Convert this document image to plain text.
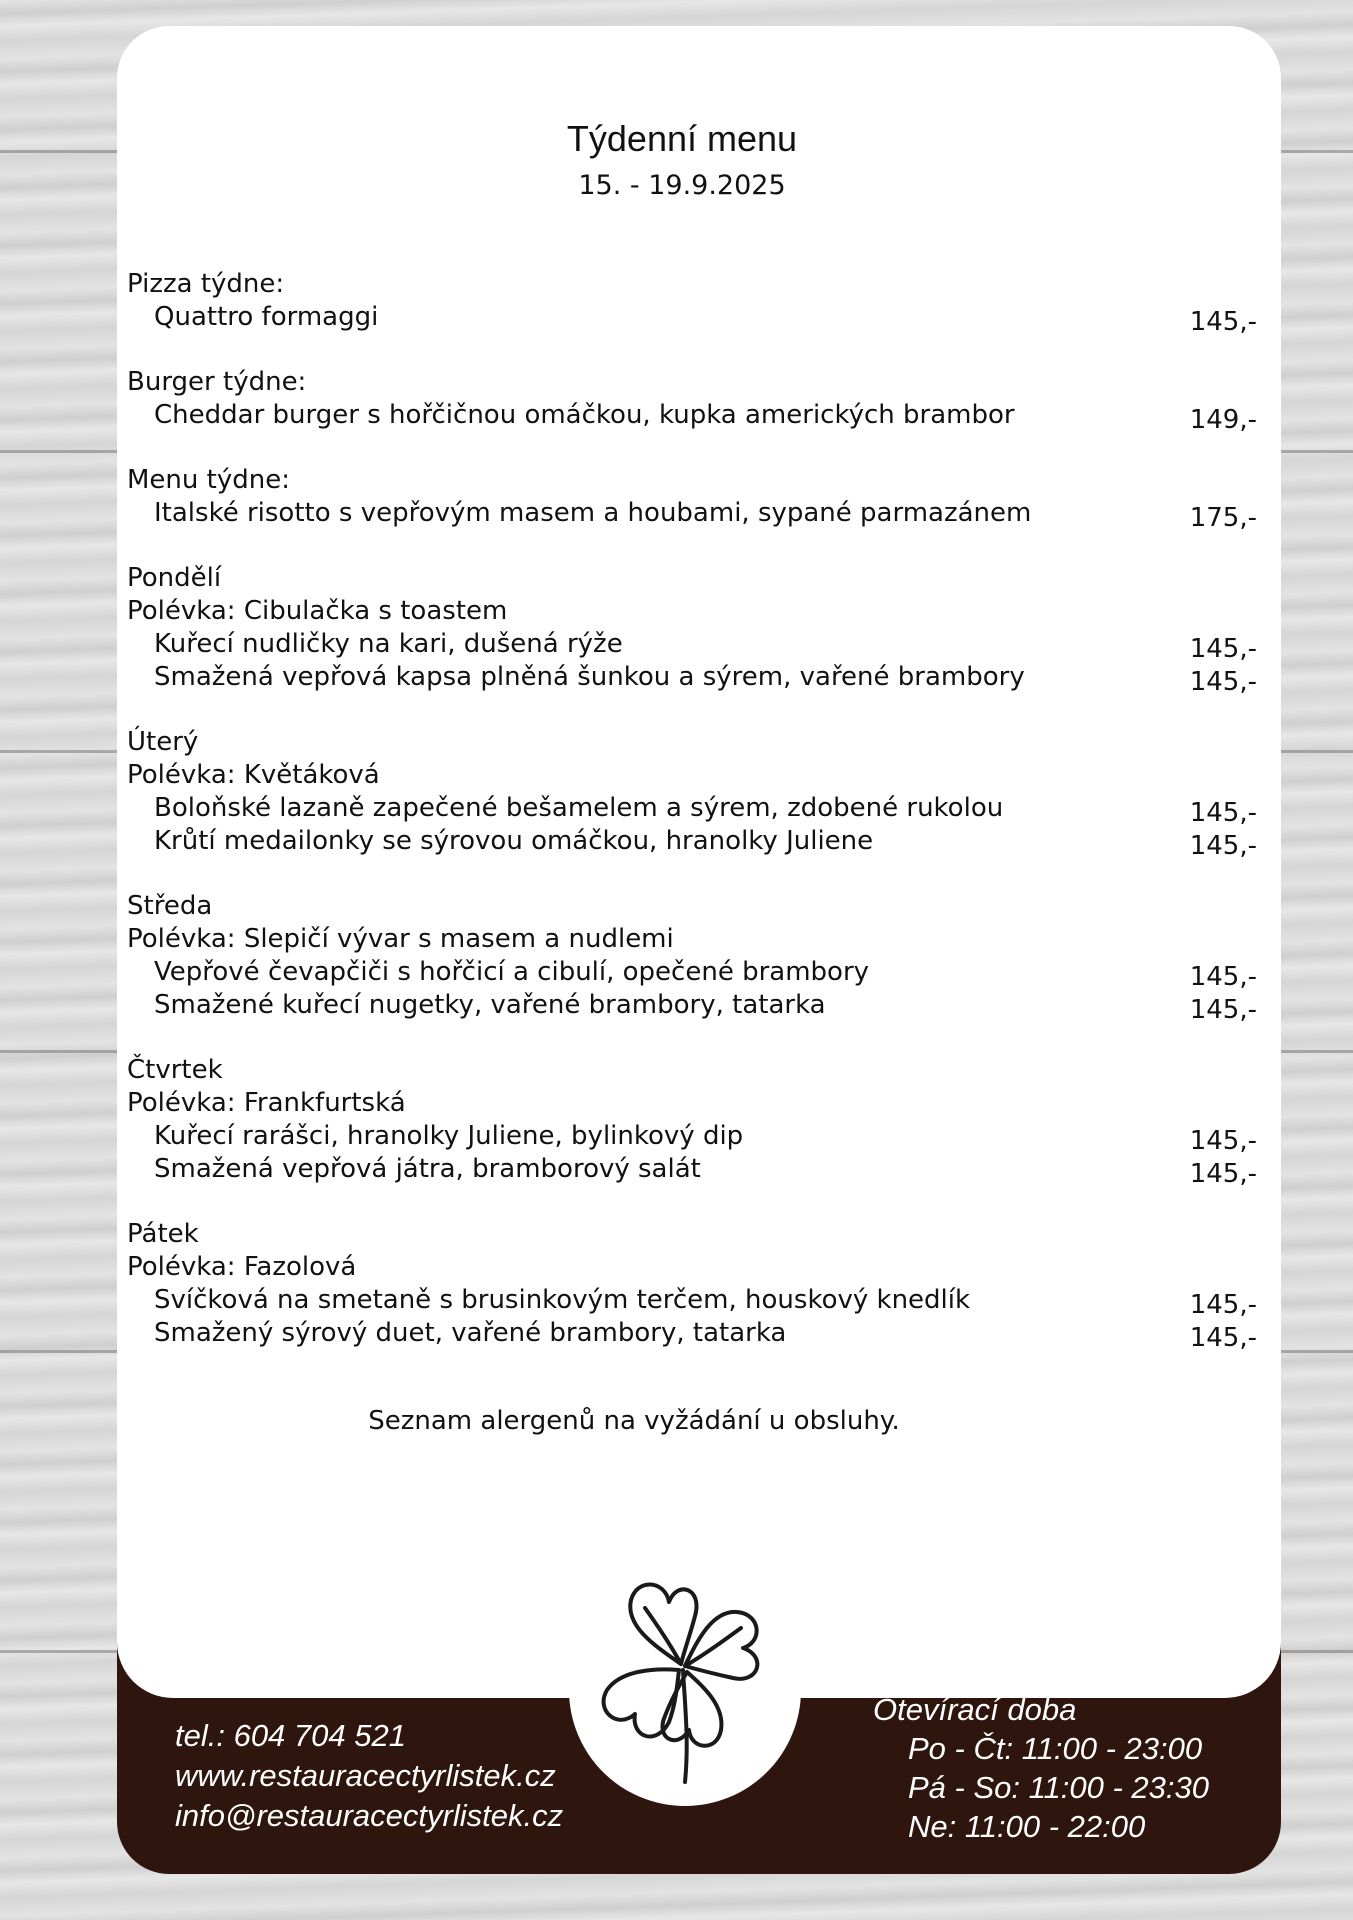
Týdenní menu
15. - 19.9.2025
Pizza týdne:
Quattro formaggi	145,-
Burger týdne:
Cheddar burger s hořčičnou omáčkou, kupka amerických brambor	149,-
Menu týdne:
Italské risotto s vepřovým masem a houbami, sypané parmazánem	175,-
Pondělí
Polévka: Cibulačka s toastem
Kuřecí nudličky na kari, dušená rýže	145,-
Smažená vepřová kapsa plněná šunkou a sýrem, vařené brambory	145,-
Úterý
Polévka: Květáková
Boloňské lazaně zapečené bešamelem a sýrem, zdobené rukolou	145,-
Krůtí medailonky se sýrovou omáčkou, hranolky Juliene	145,-
Středa
Polévka: Slepičí vývar s masem a nudlemi
Vepřové čevapčiči s hořčicí a cibulí, opečené brambory	145,-
Smažené kuřecí nugetky, vařené brambory, tatarka	145,-
Čtvrtek
Polévka: Frankfurtská
Kuřecí rarášci, hranolky Juliene, bylinkový dip	145,-
Smažená vepřová játra, bramborový salát	145,-
Pátek
Polévka: Fazolová
Svíčková na smetaně s brusinkovým terčem, houskový knedlík	145,-
Smažený sýrový duet, vařené brambory, tatarka	145,-
Seznam alergenů na vyžádání u obsluhy.
tel.: 604 704 521
www.restauracectyrlistek.cz
info@restauracectyrlistek.cz
Otevírací doba
Po - Čt: 11:00 - 23:00
Pá - So: 11:00 - 23:30
Ne: 11:00 - 22:00
